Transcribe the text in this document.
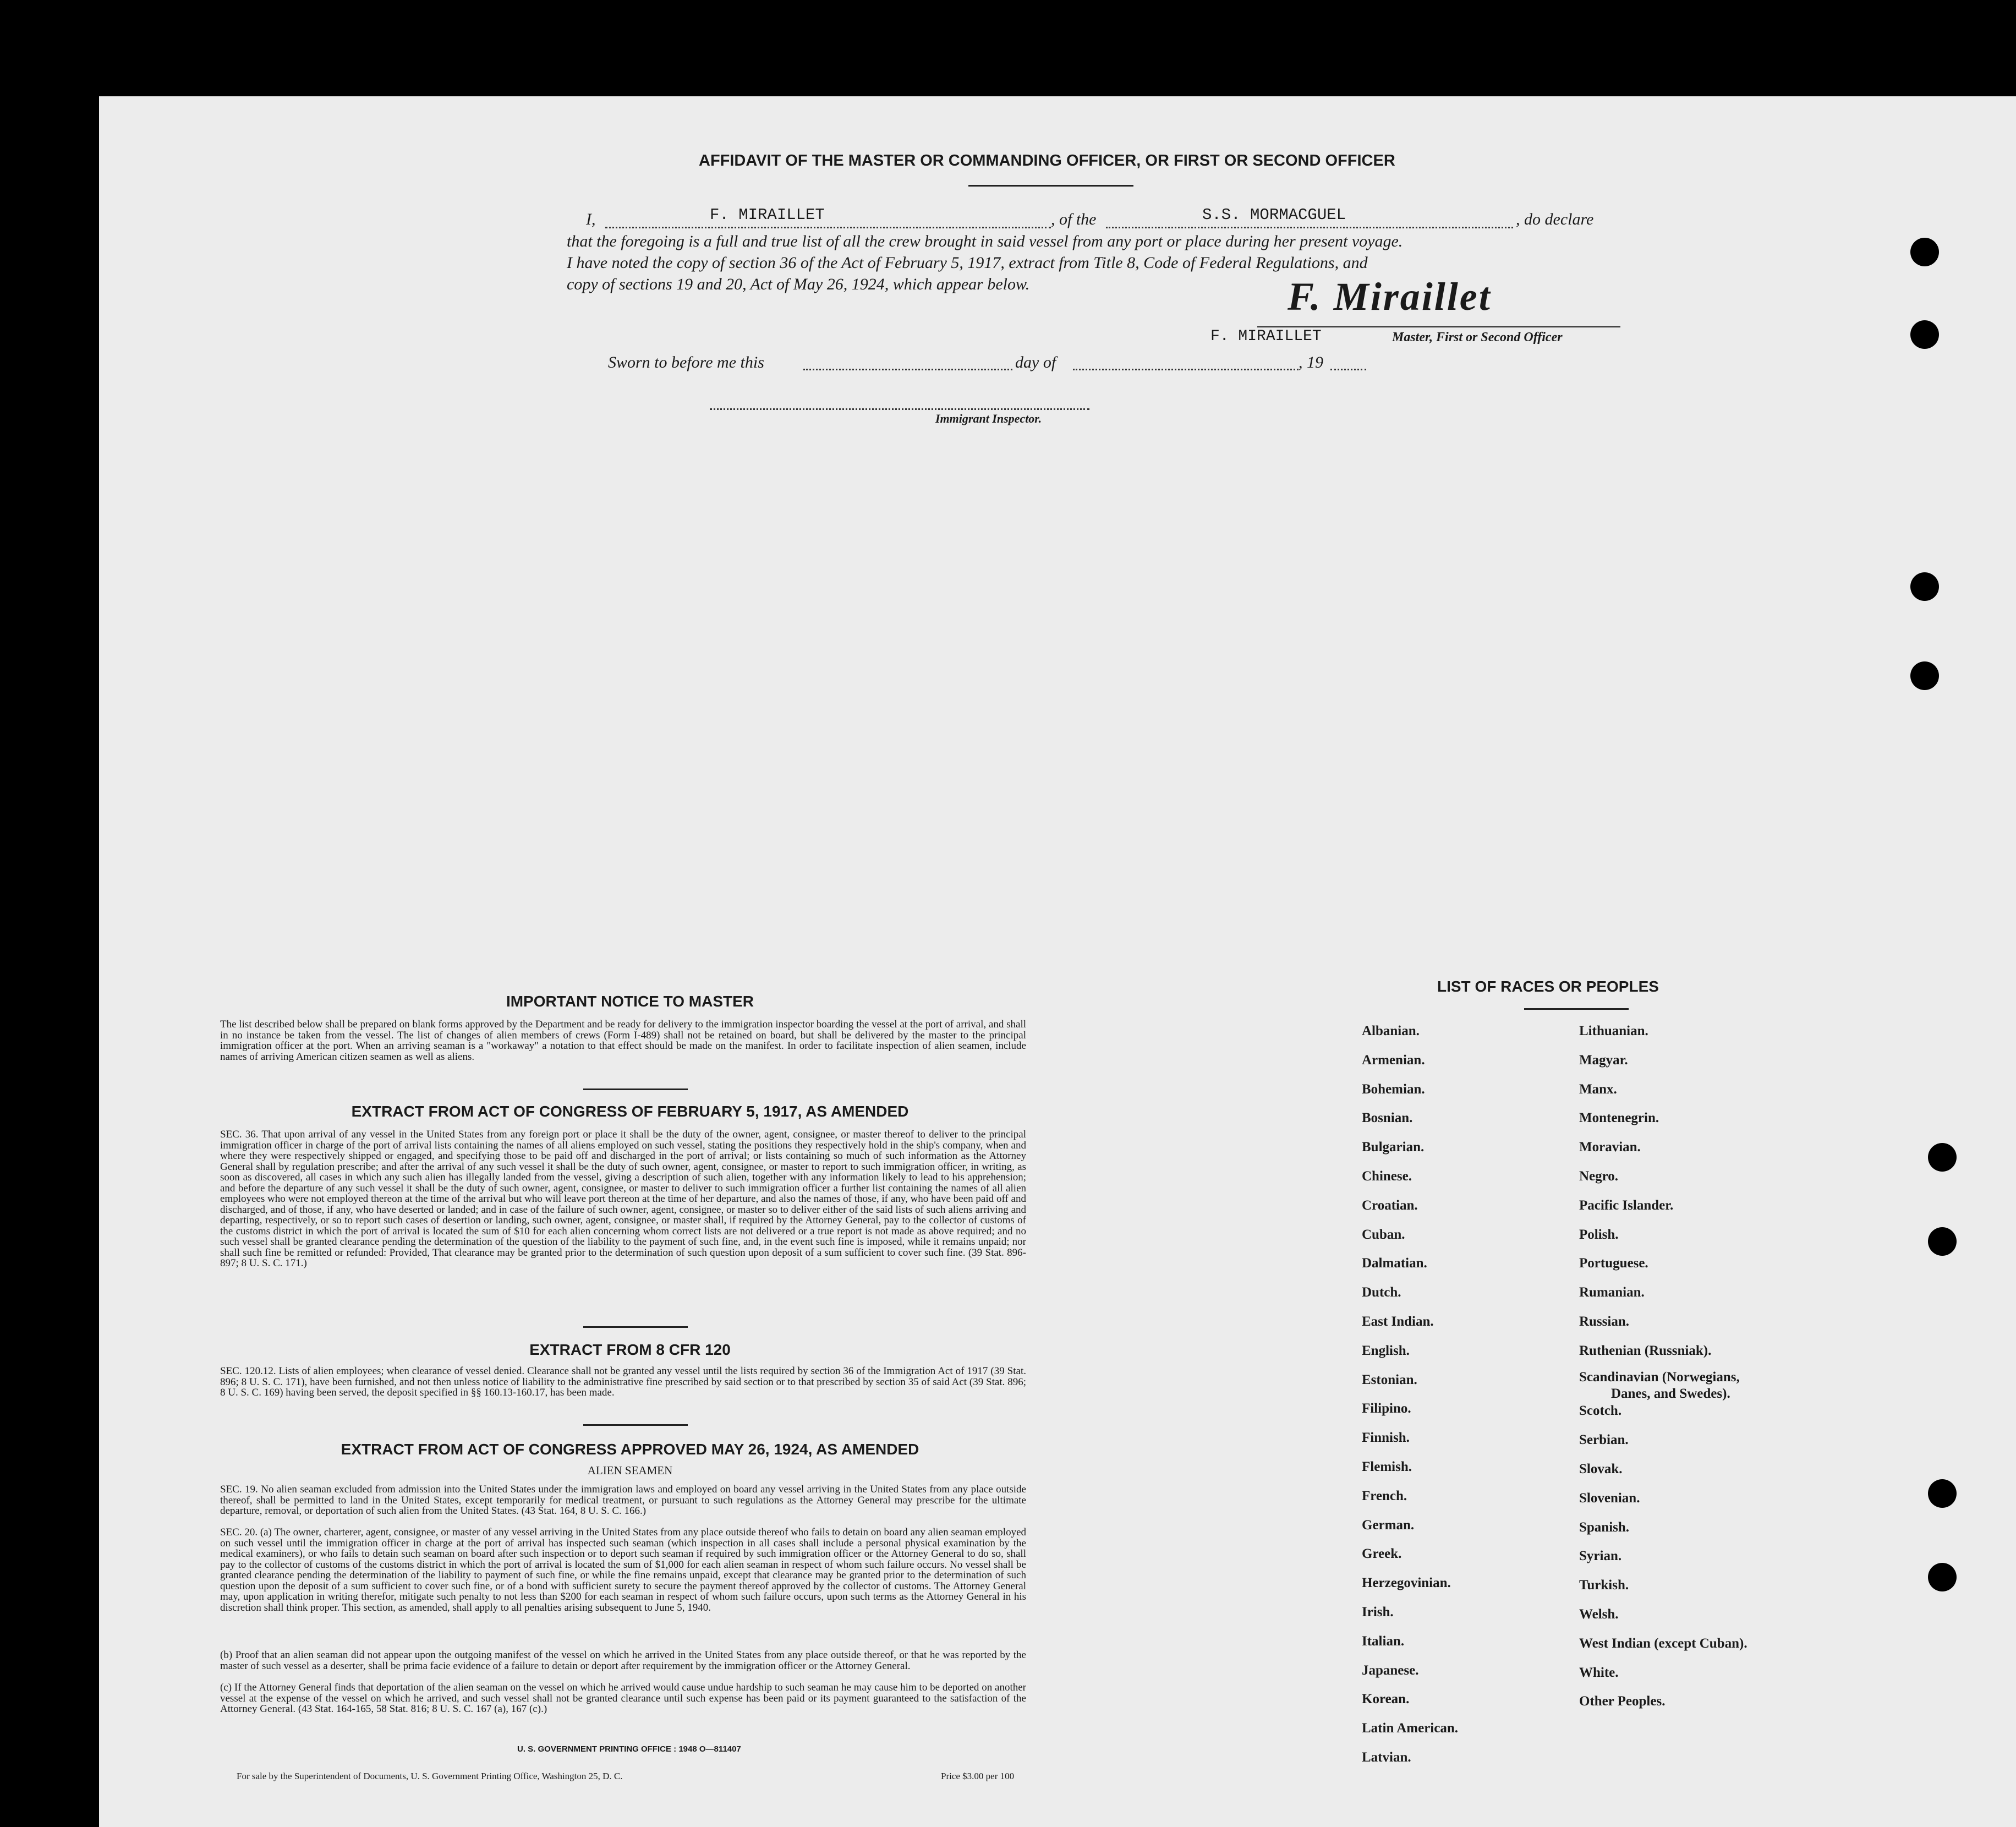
AFFIDAVIT OF THE MASTER OR COMMANDING OFFICER, OR FIRST OR SECOND OFFICER
I,	F. MIRAILLET	, of the	S.S. MORMACGUEL	, do declare
that the foregoing is a full and true list of all the crew brought in said vessel from any port or place during her present voyage.
I have noted the copy of section 36 of the Act of February 5, 1917, extract from Title 8, Code of Federal Regulations, and
copy of sections 19 and 20, Act of May 26, 1924, which appear below.	F. Miraillet
F. MIRAILLET	Master, First or Second Officer
Sworn to before me this	day of	, 19
Immigrant Inspector.
IMPORTANT NOTICE TO MASTER
The list described below shall be prepared on blank forms approved by the Department and be ready for delivery to the immigration inspector boarding the vessel at the port of arrival, and shall in no instance be taken from the vessel. The list of changes of alien members of crews (Form I-489) shall not be retained on board, but shall be delivered by the master to the principal immigration officer at the port. When an arriving seaman is a "workaway" a notation to that effect should be made on the manifest. In order to facilitate inspection of alien seamen, include names of arriving American citizen seamen as well as aliens.
EXTRACT FROM ACT OF CONGRESS OF FEBRUARY 5, 1917, AS AMENDED
SEC. 36. That upon arrival of any vessel in the United States from any foreign port or place it shall be the duty of the owner, agent, consignee, or master thereof to deliver to the principal immigration officer in charge of the port of arrival lists containing the names of all aliens employed on such vessel, stating the positions they respectively hold in the ship's company, when and where they were respectively shipped or engaged, and specifying those to be paid off and discharged in the port of arrival; or lists containing so much of such information as the Attorney General shall by regulation prescribe; and after the arrival of any such vessel it shall be the duty of such owner, agent, consignee, or master to report to such immigration officer, in writing, as soon as discovered, all cases in which any such alien has illegally landed from the vessel, giving a description of such alien, together with any information likely to lead to his apprehension; and before the departure of any such vessel it shall be the duty of such owner, agent, consignee, or master to deliver to such immigration officer a further list containing the names of all alien employees who were not employed thereon at the time of the arrival but who will leave port thereon at the time of her departure, and also the names of those, if any, who have been paid off and discharged, and of those, if any, who have deserted or landed; and in case of the failure of such owner, agent, consignee, or master so to deliver either of the said lists of such aliens arriving and departing, respectively, or so to report such cases of desertion or landing, such owner, agent, consignee, or master shall, if required by the Attorney General, pay to the collector of customs of the customs district in which the port of arrival is located the sum of $10 for each alien concerning whom correct lists are not delivered or a true report is not made as above required; and no such vessel shall be granted clearance pending the determination of the question of the liability to the payment of such fine, and, in the event such fine is imposed, while it remains unpaid; nor shall such fine be remitted or refunded: Provided, That clearance may be granted prior to the determination of such question upon deposit of a sum sufficient to cover such fine. (39 Stat. 896-897; 8 U. S. C. 171.)
EXTRACT FROM 8 CFR 120
SEC. 120.12. Lists of alien employees; when clearance of vessel denied. Clearance shall not be granted any vessel until the lists required by section 36 of the Immigration Act of 1917 (39 Stat. 896; 8 U. S. C. 171), have been furnished, and not then unless notice of liability to the administrative fine prescribed by said section or to that prescribed by section 35 of said Act (39 Stat. 896; 8 U. S. C. 169) having been served, the deposit specified in §§ 160.13-160.17, has been made.
EXTRACT FROM ACT OF CONGRESS APPROVED MAY 26, 1924, AS AMENDED
ALIEN SEAMEN
SEC. 19. No alien seaman excluded from admission into the United States under the immigration laws and employed on board any vessel arriving in the United States from any place outside thereof, shall be permitted to land in the United States, except temporarily for medical treatment, or pursuant to such regulations as the Attorney General may prescribe for the ultimate departure, removal, or deportation of such alien from the United States. (43 Stat. 164, 8 U. S. C. 166.)
SEC. 20. (a) The owner, charterer, agent, consignee, or master of any vessel arriving in the United States from any place outside thereof who fails to detain on board any alien seaman employed on such vessel until the immigration officer in charge at the port of arrival has inspected such seaman (which inspection in all cases shall include a personal physical examination by the medical examiners), or who fails to detain such seaman on board after such inspection or to deport such seaman if required by such immigration officer or the Attorney General to do so, shall pay to the collector of customs of the customs district in which the port of arrival is located the sum of $1,000 for each alien seaman in respect of whom such failure occurs. No vessel shall be granted clearance pending the determination of the liability to payment of such fine, or while the fine remains unpaid, except that clearance may be granted prior to the determination of such question upon the deposit of a sum sufficient to cover such fine, or of a bond with sufficient surety to secure the payment thereof approved by the collector of customs. The Attorney General may, upon application in writing therefor, mitigate such penalty to not less than $200 for each seaman in respect of whom such failure occurs, upon such terms as the Attorney General in his discretion shall think proper. This section, as amended, shall apply to all penalties arising subsequent to June 5, 1940.
(b) Proof that an alien seaman did not appear upon the outgoing manifest of the vessel on which he arrived in the United States from any place outside thereof, or that he was reported by the master of such vessel as a deserter, shall be prima facie evidence of a failure to detain or deport after requirement by the immigration officer or the Attorney General.
(c) If the Attorney General finds that deportation of the alien seaman on the vessel on which he arrived would cause undue hardship to such seaman he may cause him to be deported on another vessel at the expense of the vessel on which he arrived, and such vessel shall not be granted clearance until such expense has been paid or its payment guaranteed to the satisfaction of the Attorney General. (43 Stat. 164-165, 58 Stat. 816; 8 U. S. C. 167 (a), 167 (c).)
U. S. GOVERNMENT PRINTING OFFICE : 1948 O—811407
For sale by the Superintendent of Documents, U. S. Government Printing Office, Washington 25, D. C.	Price $3.00 per 100
LIST OF RACES OR PEOPLES
Albanian.
Armenian.
Bohemian.
Bosnian.
Bulgarian.
Chinese.
Croatian.
Cuban.
Dalmatian.
Dutch.
East Indian.
English.
Estonian.
Filipino.
Finnish.
Flemish.
French.
German.
Greek.
Herzegovinian.
Irish.
Italian.
Japanese.
Korean.
Latin American.
Latvian.
Lithuanian.
Magyar.
Manx.
Montenegrin.
Moravian.
Negro.
Pacific Islander.
Polish.
Portuguese.
Rumanian.
Russian.
Ruthenian (Russniak).
Scandinavian (Norwegians,
Danes, and Swedes).
Scotch.
Serbian.
Slovak.
Slovenian.
Spanish.
Syrian.
Turkish.
Welsh.
West Indian (except Cuban).
White.
Other Peoples.
